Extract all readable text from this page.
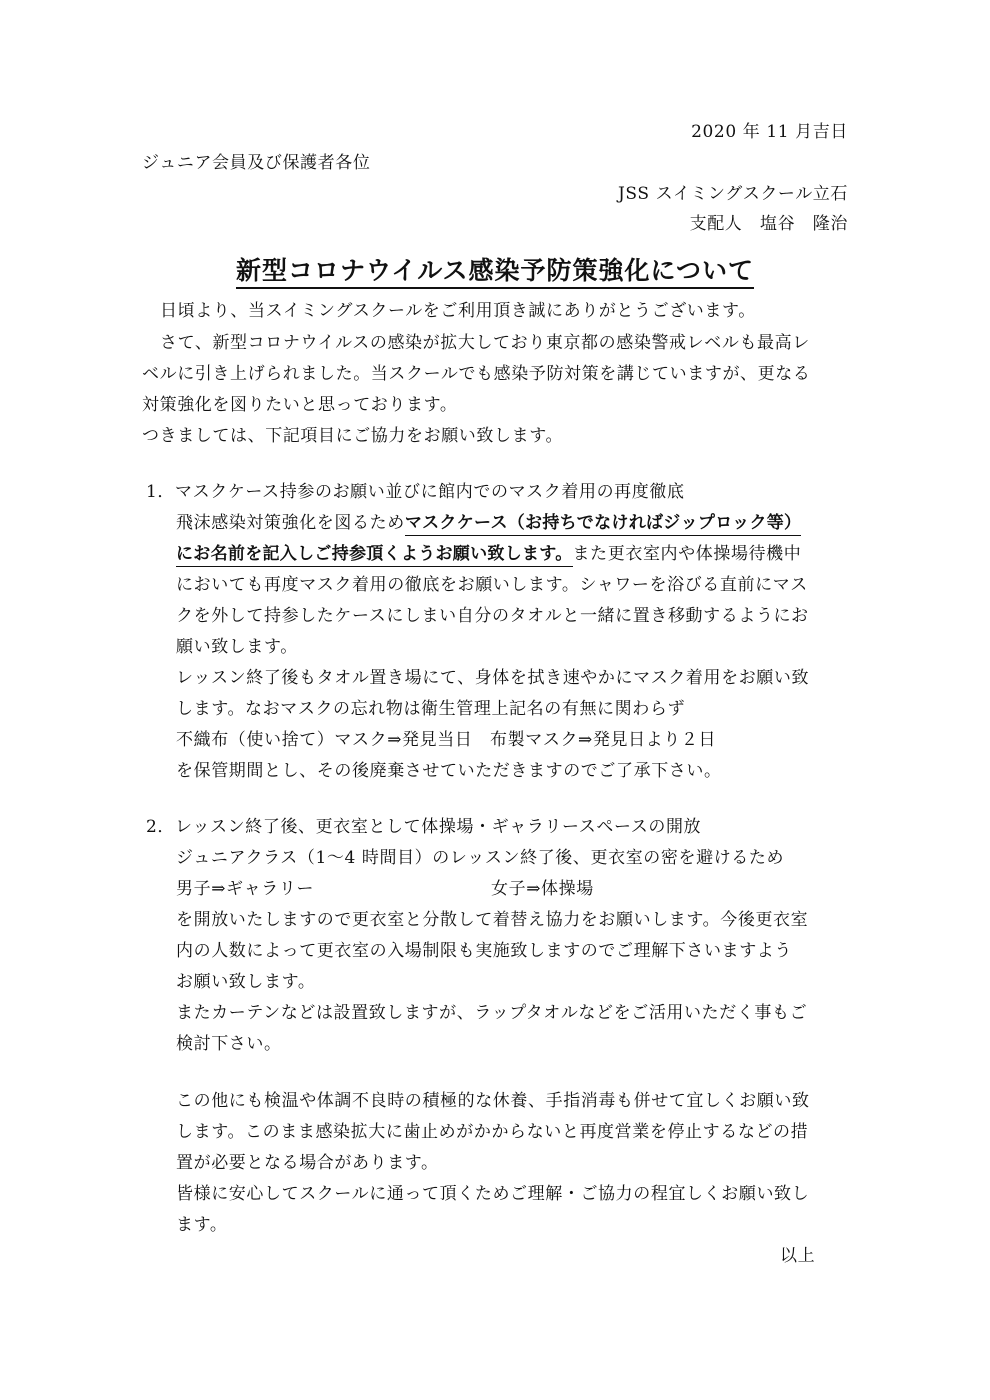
2020 年 11 月吉日
ジュニア会員及び保護者各位
JSS スイミングスクール立石
支配人　塩谷　隆治
新型コロナウイルス感染予防策強化について
日頃より、当スイミングスクールをご利用頂き誠にありがとうございます。
さて、新型コロナウイルスの感染が拡大しており東京都の感染警戒レベルも最高レ
ベルに引き上げられました。当スクールでも感染予防対策を講じていますが、更なる
対策強化を図りたいと思っております。
つきましては、下記項目にご協力をお願い致します。
1．マスクケース持参のお願い並びに館内でのマスク着用の再度徹底
飛沫感染対策強化を図るためマスクケース（お持ちでなければジップロック等）
にお名前を記入しご持参頂くようお願い致します。また更衣室内や体操場待機中
においても再度マスク着用の徹底をお願いします。シャワーを浴びる直前にマス
クを外して持参したケースにしまい自分のタオルと一緒に置き移動するようにお
願い致します。
レッスン終了後もタオル置き場にて、身体を拭き速やかにマスク着用をお願い致
します。なおマスクの忘れ物は衛生管理上記名の有無に関わらず
不織布（使い捨て）マスク⇒発見当日　布製マスク⇒発見日より２日
を保管期間とし、その後廃棄させていただきますのでご了承下さい。
2．レッスン終了後、更衣室として体操場・ギャラリースペースの開放
ジュニアクラス（1～4 時間目）のレッスン終了後、更衣室の密を避けるため
男子⇒ギャラリー	女子⇒体操場
を開放いたしますので更衣室と分散して着替え協力をお願いします。今後更衣室
内の人数によって更衣室の入場制限も実施致しますのでご理解下さいますよう
お願い致します。
またカーテンなどは設置致しますが、ラップタオルなどをご活用いただく事もご
検討下さい。
この他にも検温や体調不良時の積極的な休養、手指消毒も併せて宜しくお願い致
します。このまま感染拡大に歯止めがかからないと再度営業を停止するなどの措
置が必要となる場合があります。
皆様に安心してスクールに通って頂くためご理解・ご協力の程宜しくお願い致し
ます。
以上
